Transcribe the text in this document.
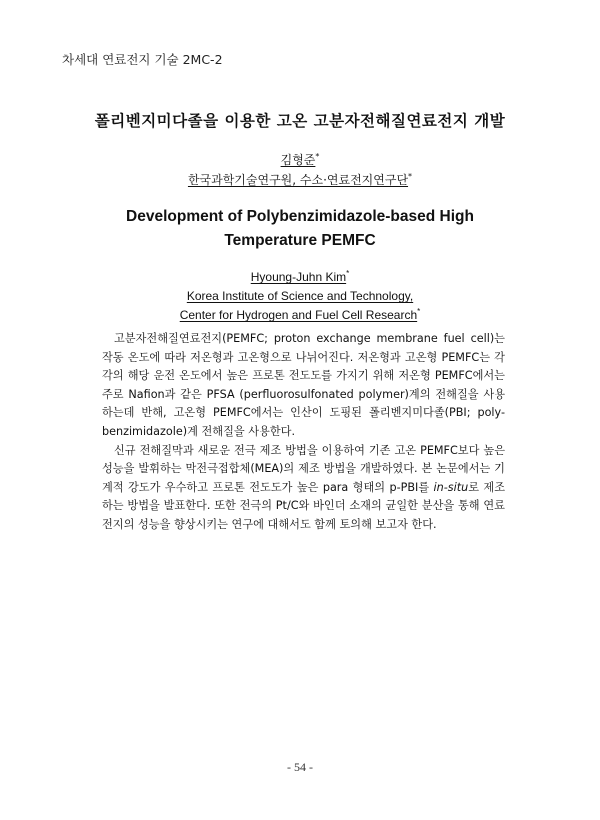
차세대 연료전지 기술 2MC-2
폴리벤지미다졸을 이용한 고온 고분자전해질연료전지 개발
김형준*
한국과학기술연구원, 수소·연료전지연구단*
Development of Polybenzimidazole-based High
Temperature PEMFC
Hyoung-Juhn Kim*
Korea Institute of Science and Technology,
Center for Hydrogen and Fuel Cell Research*

고분자전해질연료전지(PEMFC; proton exchange membrane fuel cell)는 작동 온도에 따라 저온형과 고온형으로 나뉘어진다. 저온형과 고온형 PEMFC는 각각의 해당 운전 온도에서 높은 프로톤 전도도를 가지기 위해 저온형 PEMFC에서는 주로 Nafion과 같은 PFSA (perfluorosulfonated polymer)계의 전해질을 사용하는데 반해, 고온형 PEMFC에서는 인산이 도핑된 폴리벤지미다졸(PBI; poly-benzimidazole)계 전해질을 사용한다.

신규 전해질막과 새로운 전극 제조 방법을 이용하여 기존 고온 PEMFC보다 높은 성능을 발휘하는 막전극접합체(MEA)의 제조 방법을 개발하였다. 본 논문에서는 기계적 강도가 우수하고 프로톤 전도도가 높은 para 형태의 p-PBI를 in-situ로 제조하는 방법을 발표한다. 또한 전극의 Pt/C와 바인더 소재의 균일한 분산을 통해 연료전지의 성능을 향상시키는 연구에 대해서도 함께 토의해 보고자 한다.

- 54 -
